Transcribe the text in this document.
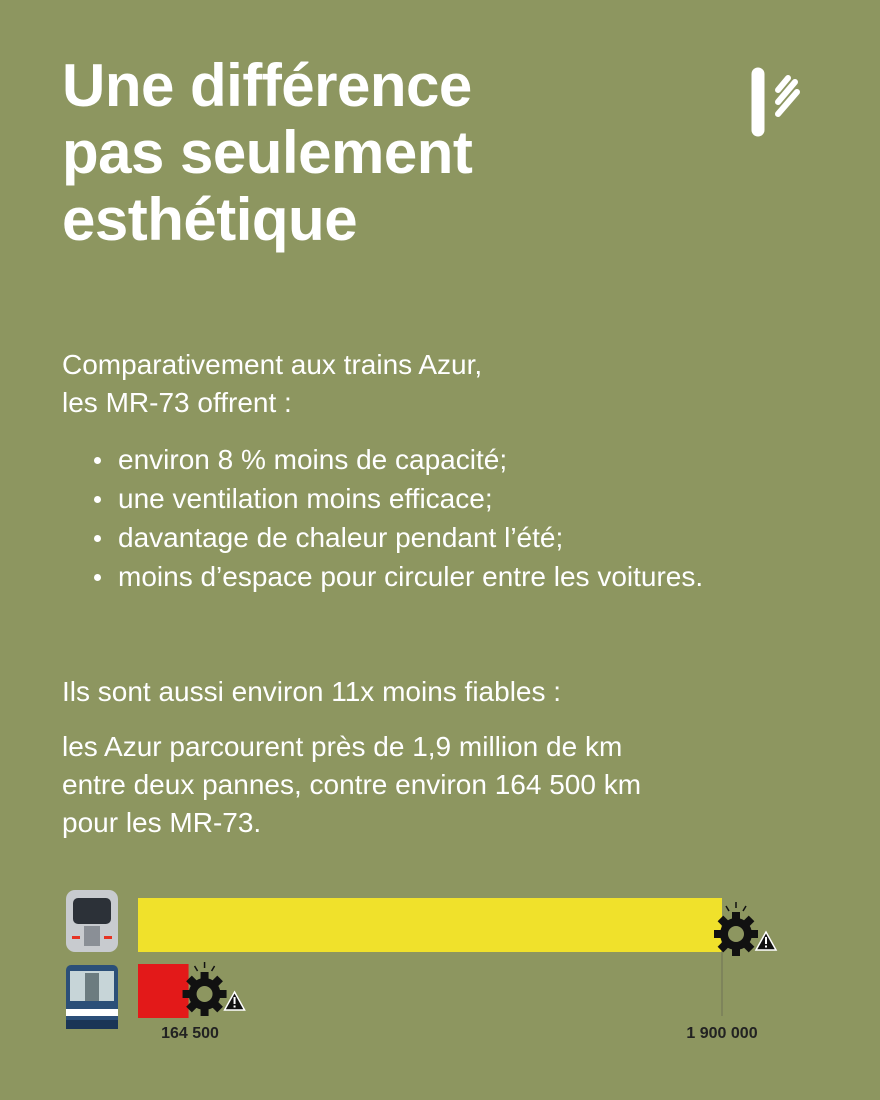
Une différence
pas seulement
esthétique

Comparativement aux trains Azur,
les MR-73 offrent :

environ 8 % moins de capacité;
une ventilation moins efficace;
davantage de chaleur pendant l’été;
moins d’espace pour circuler entre les voitures.

Ils sont aussi environ 11x moins fiables :

les Azur parcourent près de 1,9 million de km
entre deux pannes, contre environ 164 500 km
pour les MR-73.

164 500	1 900 000
